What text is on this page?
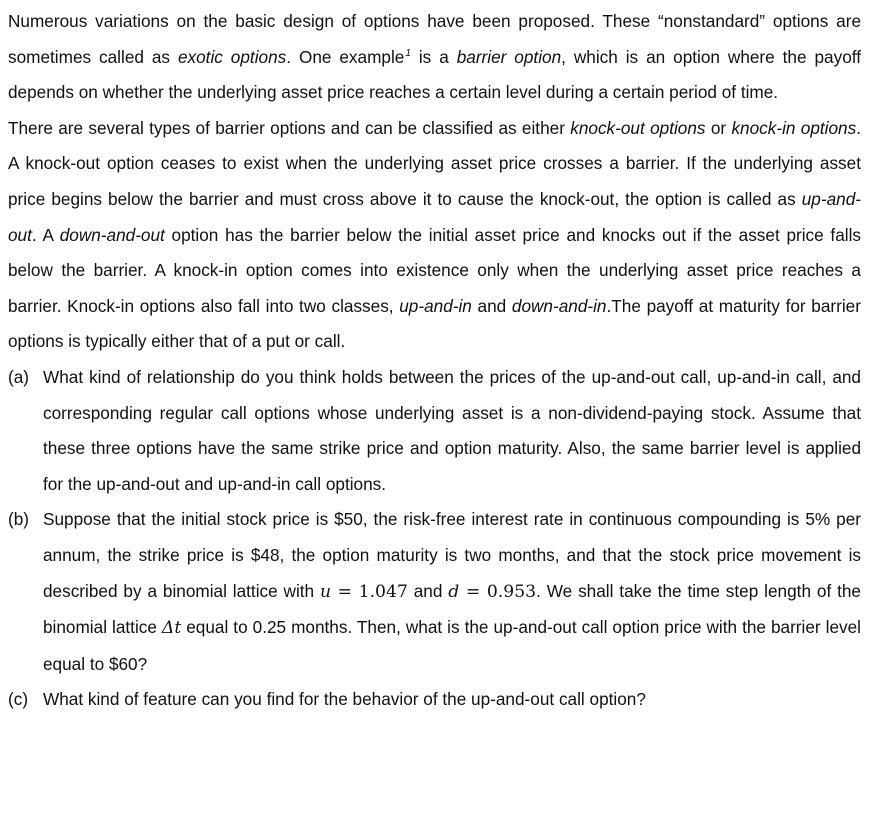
Numerous variations on the basic design of options have been proposed. These “nonstandard” options are sometimes called as exotic options. One example$^1$ is a barrier option, which is an option where the payoff depends on whether the underlying asset price reaches a certain level during a certain period of time.

There are several types of barrier options and can be classified as either knock-out options or knock-in options. A knock-out option ceases to exist when the underlying asset price crosses a barrier. If the underlying asset price begins below the barrier and must cross above it to cause the knock-out, the option is called as up-and-out. A down-and-out option has the barrier below the initial asset price and knocks out if the asset price falls below the barrier. A knock-in option comes into existence only when the underlying asset price reaches a barrier. Knock-in options also fall into two classes, up-and-in and down-and-in.The payoff at maturity for barrier options is typically either that of a put or call.

(a) What kind of relationship do you think holds between the prices of the up-and-out call, up-and-in call, and corresponding regular call options whose underlying asset is a non-dividend-paying stock. Assume that these three options have the same strike price and option maturity. Also, the same barrier level is applied for the up-and-out and up-and-in call options.
(b) Suppose that the initial stock price is $50, the risk-free interest rate in continuous compounding is 5% per annum, the strike price is $48, the option maturity is two months, and that the stock price movement is described by a binomial lattice with u = 1.047 and d = 0.953. We shall take the time step length of the binomial lattice Δt equal to 0.25 months. Then, what is the up-and-out call option price with the barrier level equal to $60?
(c) What kind of feature can you find for the behavior of the up-and-out call option?
